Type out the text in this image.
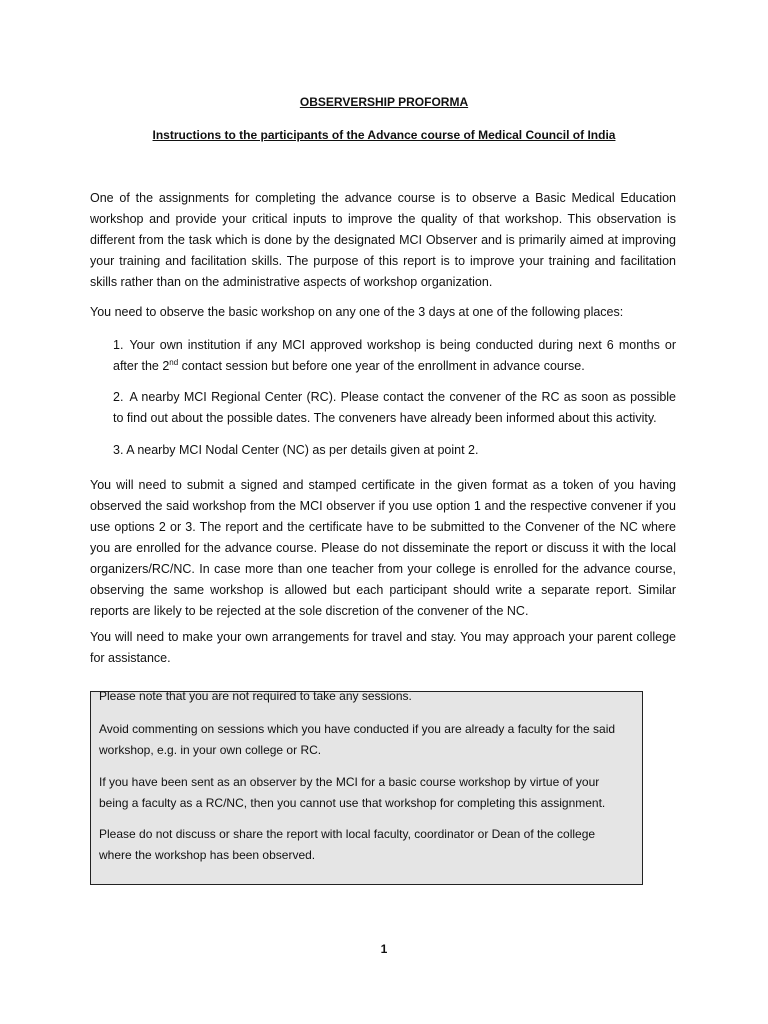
OBSERVERSHIP PROFORMA
Instructions to the participants of the Advance course of Medical Council of India

One of the assignments for completing the advance course is to observe a Basic Medical Education workshop and provide your critical inputs to improve the quality of that workshop. This observation is different from the task which is done by the designated MCI Observer and is primarily aimed at improving your training and facilitation skills. The purpose of this report is to improve your training and facilitation skills rather than on the administrative aspects of workshop organization.

You need to observe the basic workshop on any one of the 3 days at one of the following places:

1. Your own institution if any MCI approved workshop is being conducted during next 6 months or after the 2nd contact session but before one year of the enrollment in advance course.

2. A nearby MCI Regional Center (RC). Please contact the convener of the RC as soon as possible to find out about the possible dates. The conveners have already been informed about this activity.

3. A nearby MCI Nodal Center (NC) as per details given at point 2.

You will need to submit a signed and stamped certificate in the given format as a token of you having observed the said workshop from the MCI observer if you use option 1 and the respective convener if you use options 2 or 3. The report and the certificate have to be submitted to the Convener of the NC where you are enrolled for the advance course. Please do not disseminate the report or discuss it with the local organizers/RC/NC. In case more than one teacher from your college is enrolled for the advance course, observing the same workshop is allowed but each participant should write a separate report. Similar reports are likely to be rejected at the sole discretion of the convener of the NC.

You will need to make your own arrangements for travel and stay. You may approach your parent college for assistance.

Please note that you are not required to take any sessions.

Avoid commenting on sessions which you have conducted if you are already a faculty for the said workshop, e.g. in your own college or RC.

If you have been sent as an observer by the MCI for a basic course workshop by virtue of your being a faculty as a RC/NC, then you cannot use that workshop for completing this assignment.

Please do not discuss or share the report with local faculty, coordinator or Dean of the college where the workshop has been observed.

1
